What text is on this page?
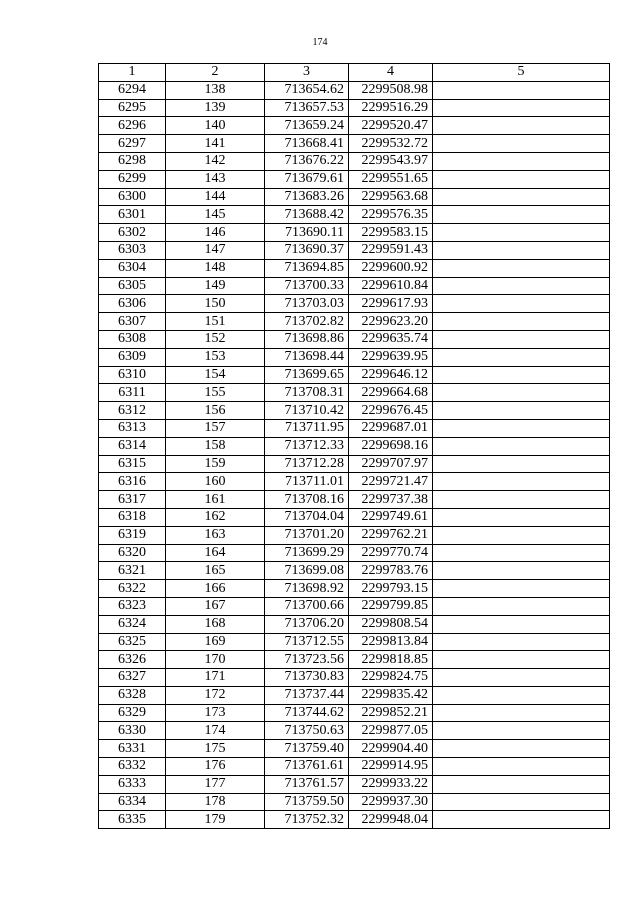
174
1	2	3	4	5
6294	138	713654.62	2299508.98	
6295	139	713657.53	2299516.29	
6296	140	713659.24	2299520.47	
6297	141	713668.41	2299532.72	
6298	142	713676.22	2299543.97	
6299	143	713679.61	2299551.65	
6300	144	713683.26	2299563.68	
6301	145	713688.42	2299576.35	
6302	146	713690.11	2299583.15	
6303	147	713690.37	2299591.43	
6304	148	713694.85	2299600.92	
6305	149	713700.33	2299610.84	
6306	150	713703.03	2299617.93	
6307	151	713702.82	2299623.20	
6308	152	713698.86	2299635.74	
6309	153	713698.44	2299639.95	
6310	154	713699.65	2299646.12	
6311	155	713708.31	2299664.68	
6312	156	713710.42	2299676.45	
6313	157	713711.95	2299687.01	
6314	158	713712.33	2299698.16	
6315	159	713712.28	2299707.97	
6316	160	713711.01	2299721.47	
6317	161	713708.16	2299737.38	
6318	162	713704.04	2299749.61	
6319	163	713701.20	2299762.21	
6320	164	713699.29	2299770.74	
6321	165	713699.08	2299783.76	
6322	166	713698.92	2299793.15	
6323	167	713700.66	2299799.85	
6324	168	713706.20	2299808.54	
6325	169	713712.55	2299813.84	
6326	170	713723.56	2299818.85	
6327	171	713730.83	2299824.75	
6328	172	713737.44	2299835.42	
6329	173	713744.62	2299852.21	
6330	174	713750.63	2299877.05	
6331	175	713759.40	2299904.40	
6332	176	713761.61	2299914.95	
6333	177	713761.57	2299933.22	
6334	178	713759.50	2299937.30	
6335	179	713752.32	2299948.04	
